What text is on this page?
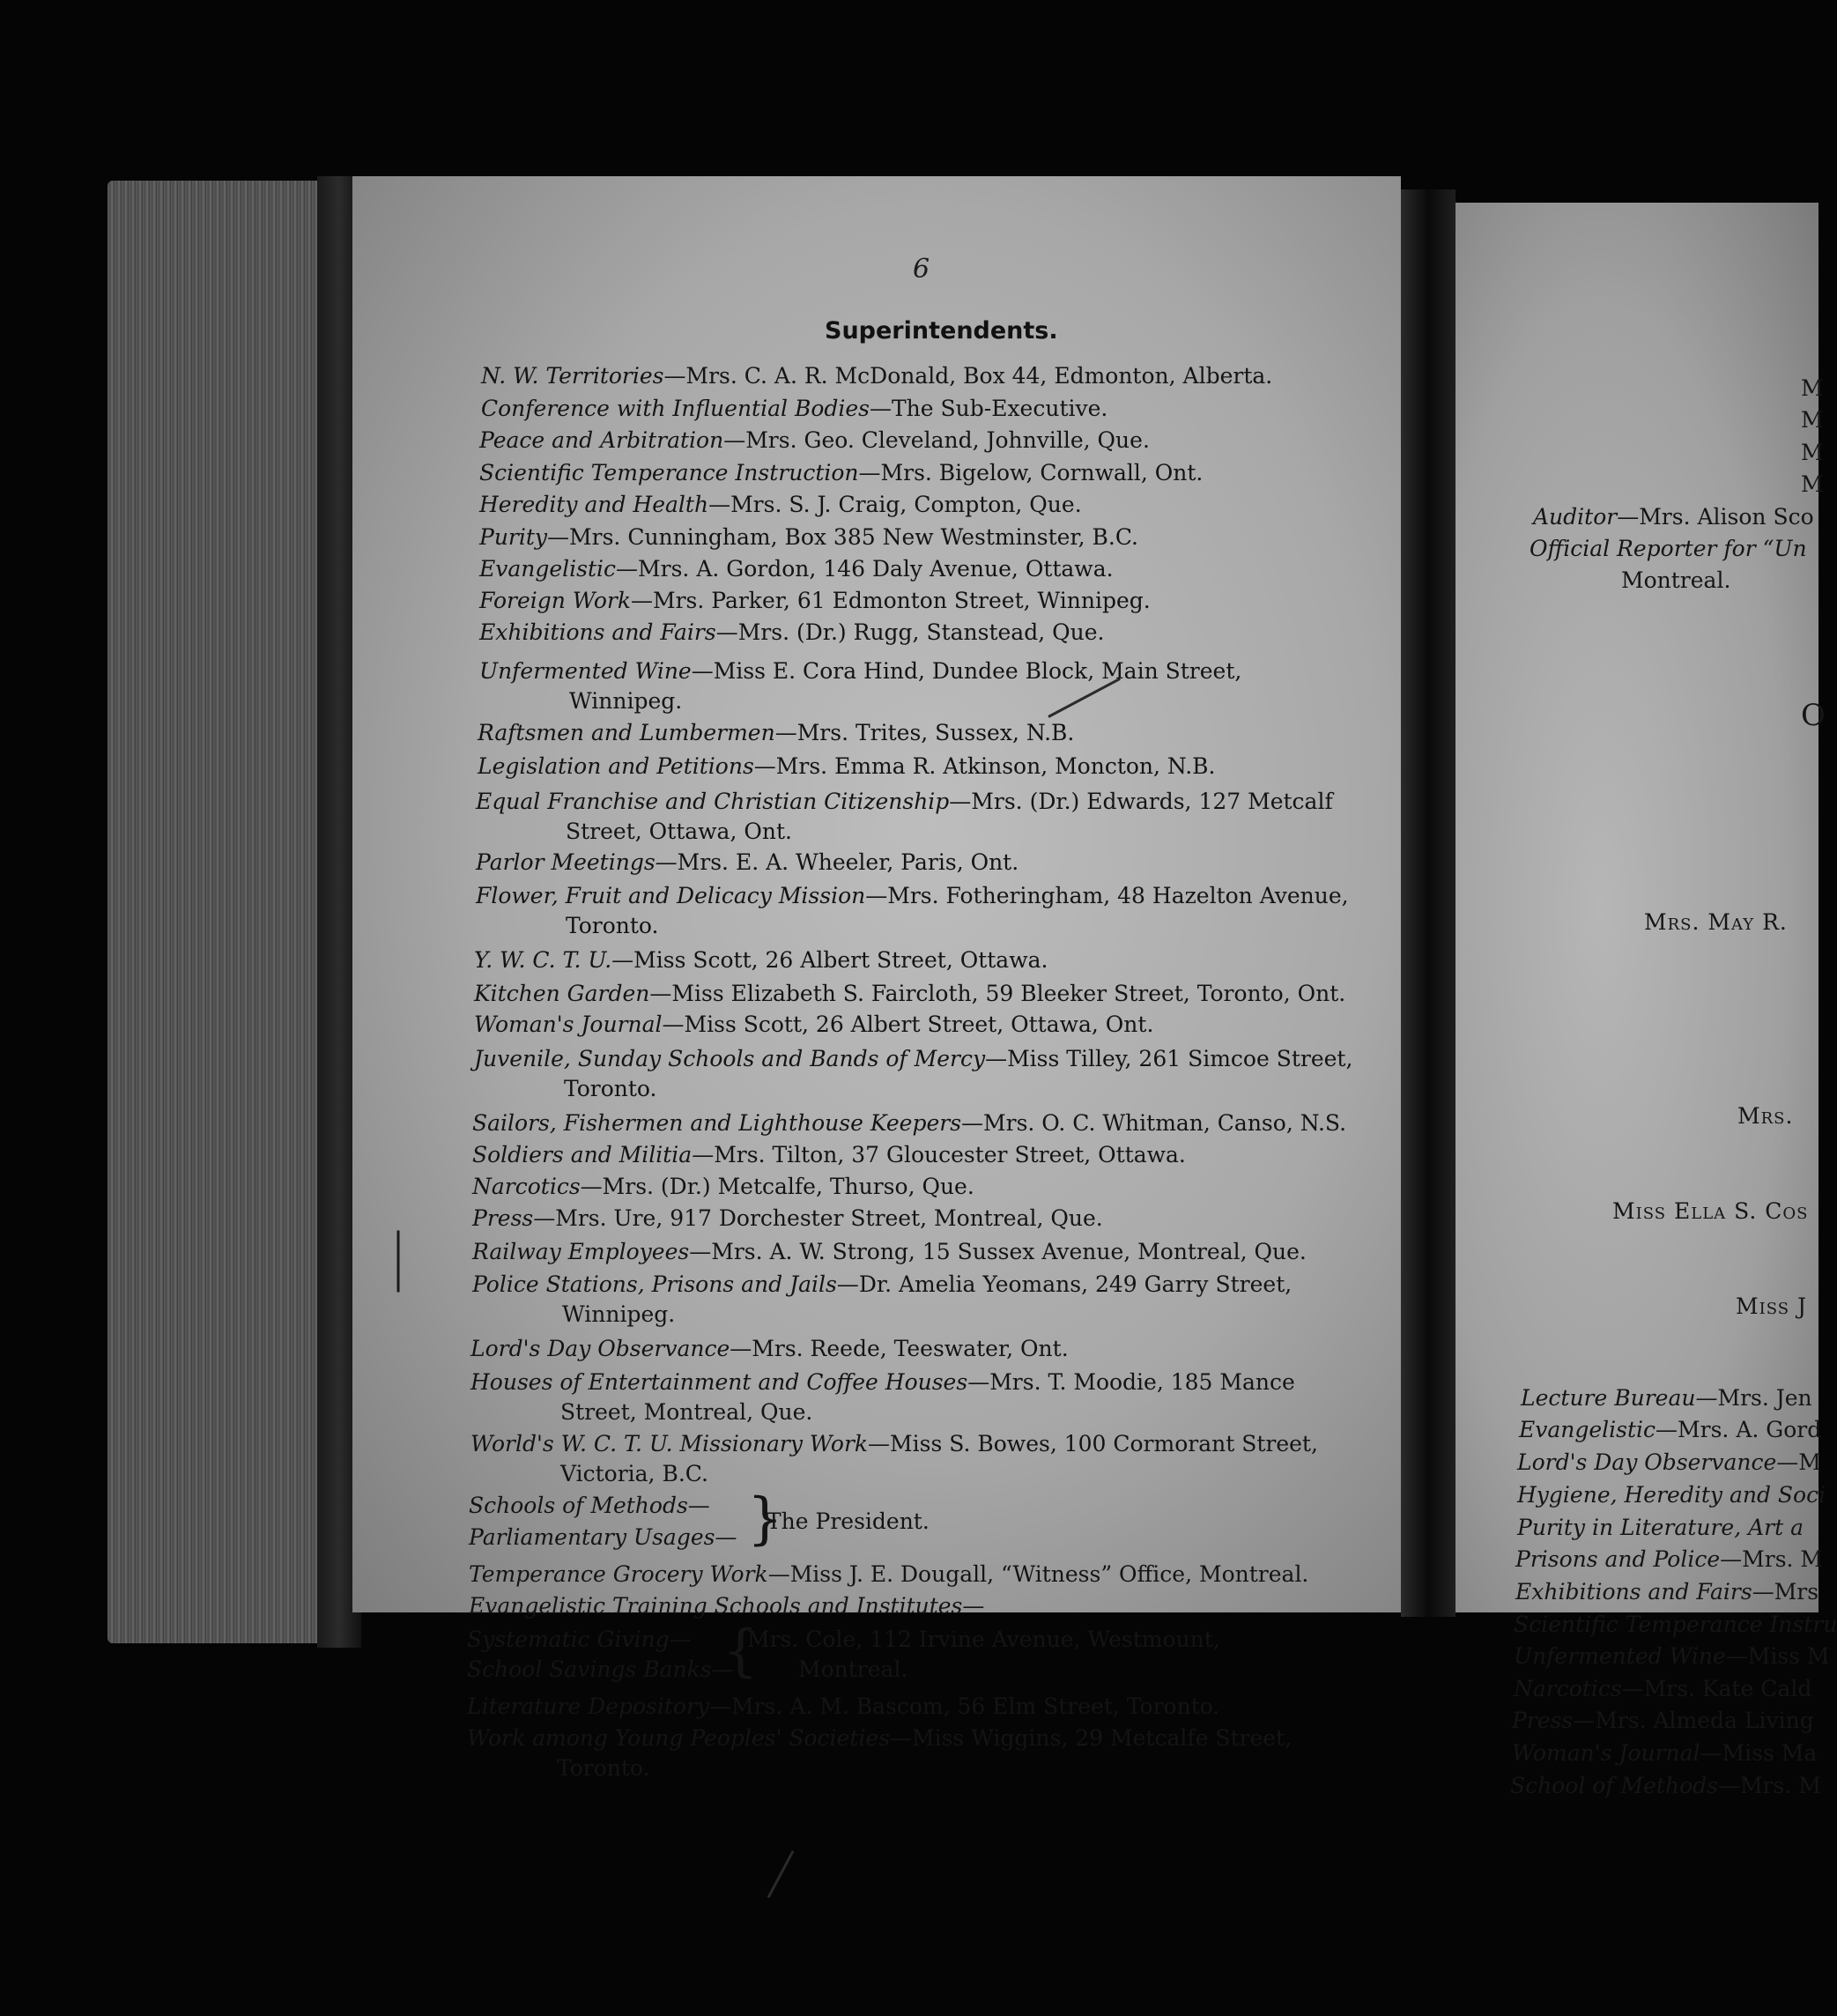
6
Superintendents.
N. W. Territories—Mrs. C. A. R. McDonald, Box 44, Edmonton, Alberta.
Conference with Influential Bodies—The Sub-Executive.
Peace and Arbitration—Mrs. Geo. Cleveland, Johnville, Que.
Scientific Temperance Instruction—Mrs. Bigelow, Cornwall, Ont.
Heredity and Health—Mrs. S. J. Craig, Compton, Que.
Purity—Mrs. Cunningham, Box 385 New Westminster, B.C.
Evangelistic—Mrs. A. Gordon, 146 Daly Avenue, Ottawa.
Foreign Work—Mrs. Parker, 61 Edmonton Street, Winnipeg.
Exhibitions and Fairs—Mrs. (Dr.) Rugg, Stanstead, Que.
Unfermented Wine—Miss E. Cora Hind, Dundee Block, Main Street,
Winnipeg.
Raftsmen and Lumbermen—Mrs. Trites, Sussex, N.B.
Legislation and Petitions—Mrs. Emma R. Atkinson, Moncton, N.B.
Equal Franchise and Christian Citizenship—Mrs. (Dr.) Edwards, 127 Metcalf
Street, Ottawa, Ont.
Parlor Meetings—Mrs. E. A. Wheeler, Paris, Ont.
Flower, Fruit and Delicacy Mission—Mrs. Fotheringham, 48 Hazelton Avenue,
Toronto.
Y. W. C. T. U.—Miss Scott, 26 Albert Street, Ottawa.
Kitchen Garden—Miss Elizabeth S. Faircloth, 59 Bleeker Street, Toronto, Ont.
Woman's Journal—Miss Scott, 26 Albert Street, Ottawa, Ont.
Juvenile, Sunday Schools and Bands of Mercy—Miss Tilley, 261 Simcoe Street,
Toronto.
Sailors, Fishermen and Lighthouse Keepers—Mrs. O. C. Whitman, Canso, N.S.
Soldiers and Militia—Mrs. Tilton, 37 Gloucester Street, Ottawa.
Narcotics—Mrs. (Dr.) Metcalfe, Thurso, Que.
Press—Mrs. Ure, 917 Dorchester Street, Montreal, Que.
Railway Employees—Mrs. A. W. Strong, 15 Sussex Avenue, Montreal, Que.
Police Stations, Prisons and Jails—Dr. Amelia Yeomans, 249 Garry Street,
Winnipeg.
Lord's Day Observance—Mrs. Reede, Teeswater, Ont.
Houses of Entertainment and Coffee Houses—Mrs. T. Moodie, 185 Mance
Street, Montreal, Que.
World's W. C. T. U. Missionary Work—Miss S. Bowes, 100 Cormorant Street,
Victoria, B.C.
Schools of Methods—
Parliamentary Usages— }
The President.
Temperance Grocery Work—Miss J. E. Dougall, “Witness” Office, Montreal.
Evangelistic Training Schools and Institutes—
Systematic Giving—
School Savings Banks—
{
Mrs. Cole, 112 Irvine Avenue, Westmount,
Montreal.
Literature Depository—Mrs. A. M. Bascom, 56 Elm Street, Toronto.
Work among Young Peoples' Societies—Miss Wiggins, 29 Metcalfe Street,
Toronto.
M
M
M
M
Auditor—Mrs. Alison Sco
Official Reporter for “Un
Montreal.
O
Mrs. May R.
Mrs.
Miss Ella S. Cos
Miss J
Lecture Bureau—Mrs. Jen
Evangelistic—Mrs. A. Gord
Lord's Day Observance—M
Hygiene, Heredity and Soci
Purity in Literature, Art a
Prisons and Police—Mrs. M
Exhibitions and Fairs—Mrs
Scientific Temperance Instru
Unfermented Wine—Miss M
Narcotics—Mrs. Kate Cald
Press—Mrs. Almeda Living
Woman's Journal—Miss Ma
School of Methods—Mrs. M
